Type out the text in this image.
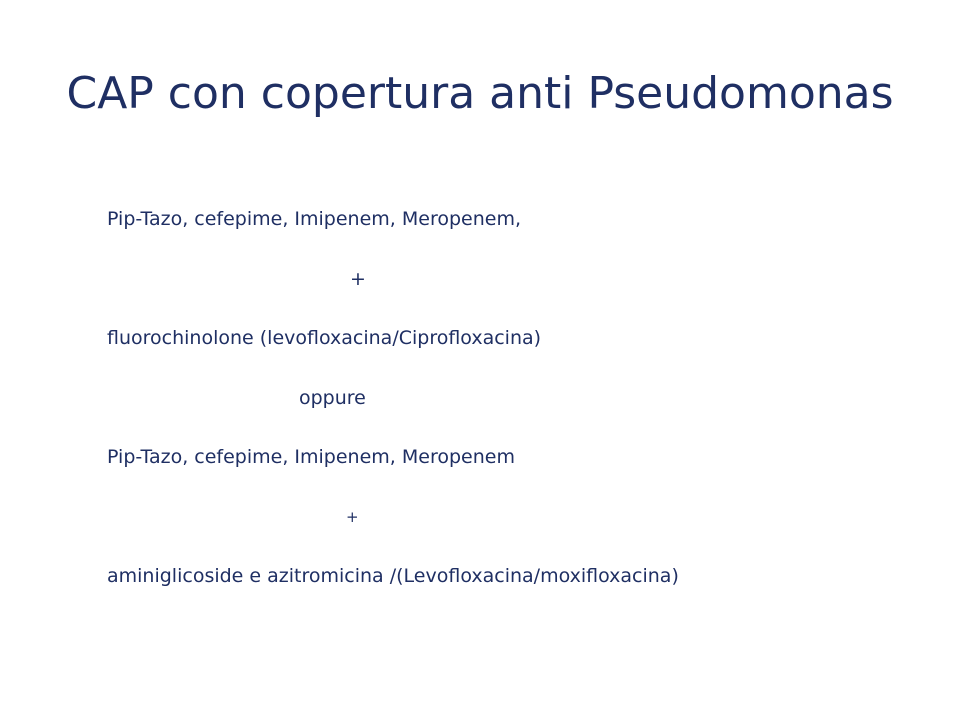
CAP con copertura anti Pseudomonas
Pip-Tazo, cefepime, Imipenem, Meropenem,
+
fluorochinolone (levofloxacina/Ciprofloxacina)
oppure
Pip-Tazo, cefepime, Imipenem, Meropenem
+
aminiglicoside e azitromicina /(Levofloxacina/moxifloxacina)
